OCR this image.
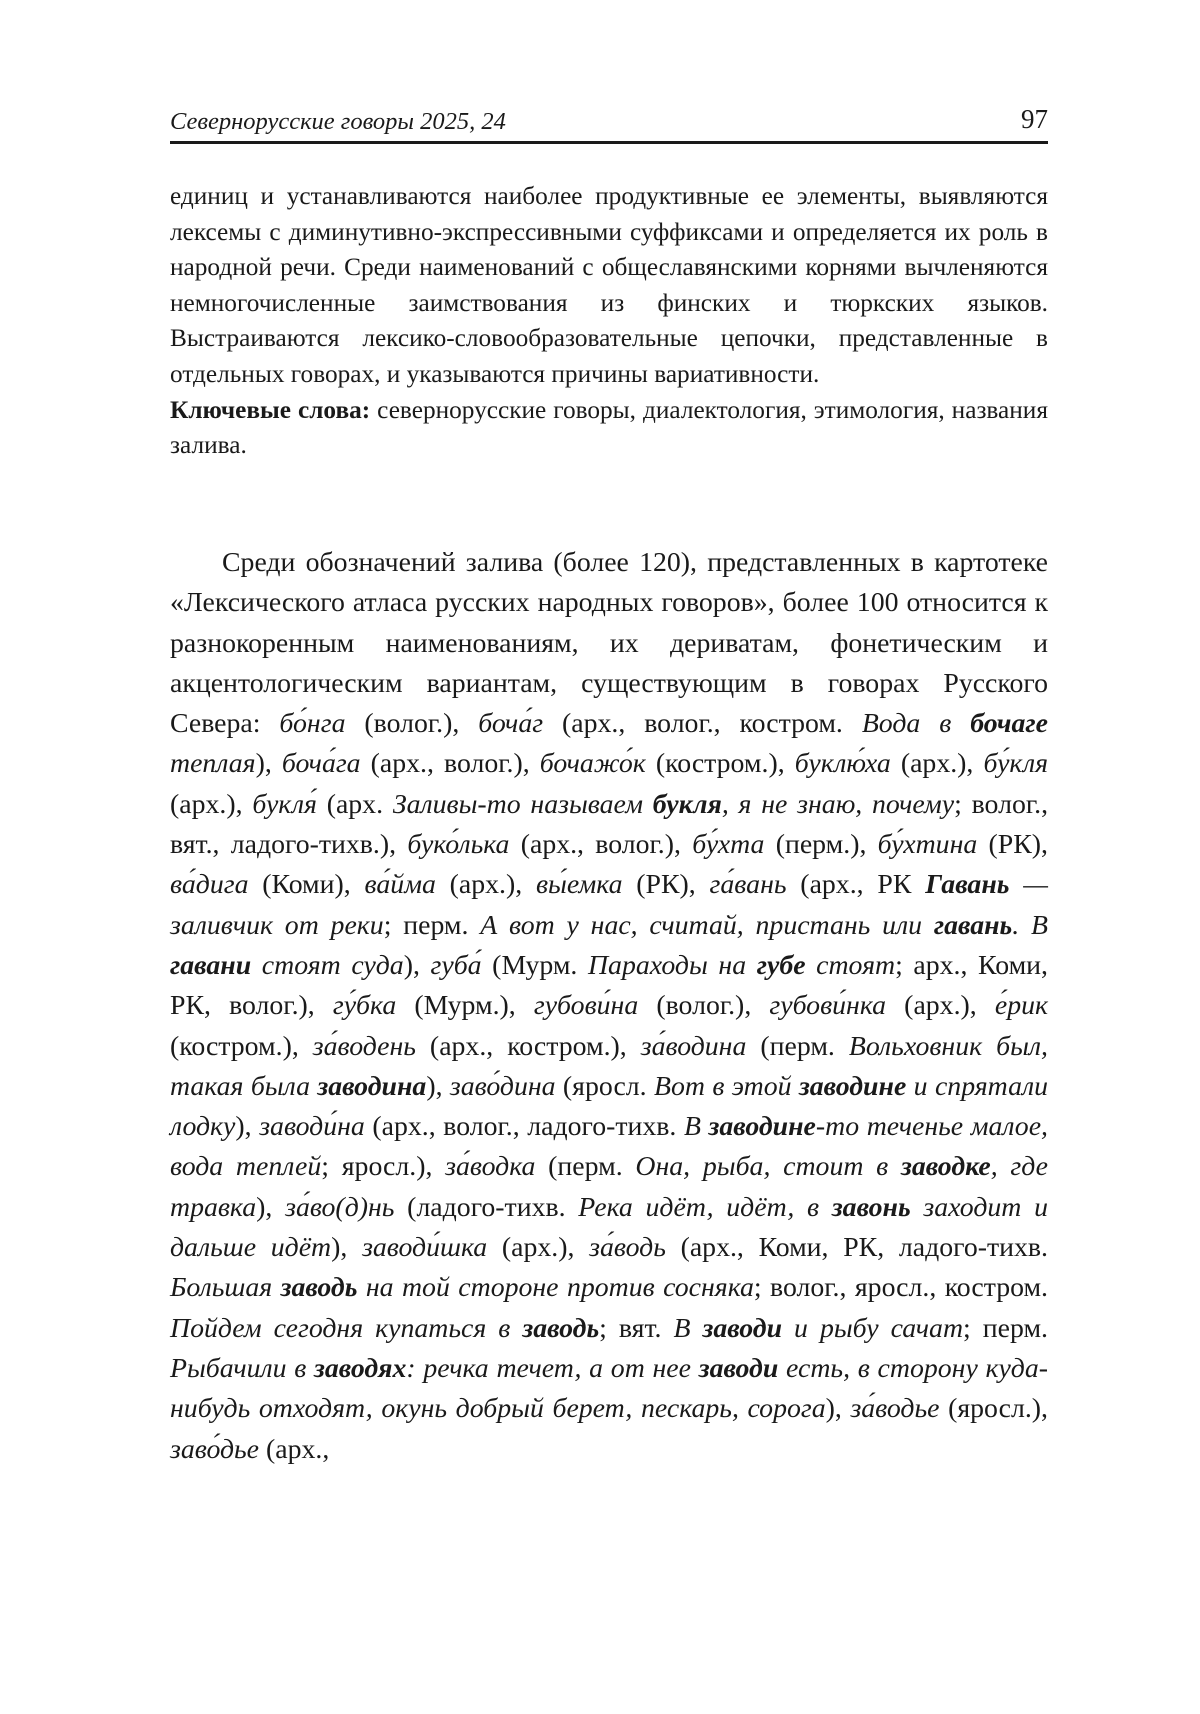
Севернорусские говоры 2025, 24	97

единиц и устанавливаются наиболее продуктивные ее элементы, выявляются лексемы с диминутивно-экспрессивными суффиксами и определяется их роль в народной речи. Среди наименований с общеславянскими корнями вычленяются немногочисленные заимствования из финских и тюркских языков. Выстраиваются лексико-словообразовательные цепочки, представленные в отдельных говорах, и указываются причины вариативности.

Ключевые слова: севернорусские говоры, диалектология, этимология, названия залива.

Среди обозначений залива (более 120), представленных в картотеке «Лексического атласа русских народных говоров», более 100 относится к разнокоренным наименованиям, их дериватам, фонетическим и акцентологическим вариантам, существующим в говорах Русского Севера: бо́нга (волог.), боча́г (арх., волог., костром. Вода в бочаге теплая), боча́га (арх., волог.), бочажо́к (костром.), буклю́ха (арх.), бу́кля (арх.), букля́ (арх. Заливы-то называем букля, я не знаю, почему; волог., вят., ладого-тихв.), буко́лька (арх., волог.), бу́хта (перм.), бу́хтина (РК), ва́дига (Коми), ва́йма (арх.), вы́емка (РК), га́вань (арх., РК Гавань — заливчик от реки; перм. А вот у нас, считай, пристань или гавань. В гавани стоят суда), губа́ (Мурм. Параходы на губе стоят; арх., Коми, РК, волог.), гу́бка (Мурм.), губови́на (волог.), губови́нка (арх.), е́рик (костром.), за́водень (арх., костром.), за́водина (перм. Вольховник был, такая была заводина), заво́дина (яросл. Вот в этой заводине и спрятали лодку), заводи́на (арх., волог., ладого-тихв. В заводине-то теченье малое, вода теплей; яросл.), за́водка (перм. Она, рыба, стоит в заводке, где травка), за́во(д)нь (ладого-тихв. Река идёт, идёт, в завонь заходит и дальше идёт), заводи́шка (арх.), за́водь (арх., Коми, РК, ладого-тихв. Большая заводь на той стороне против сосняка; волог., яросл., костром. Пойдем сегодня купаться в заводь; вят. В заводи и рыбу сачат; перм. Рыбачили в заводях: речка течет, а от нее заводи есть, в сторону куда-нибудь отходят, окунь добрый берет, пескарь, сорога), за́водье (яросл.), заво́дье (арх.,
